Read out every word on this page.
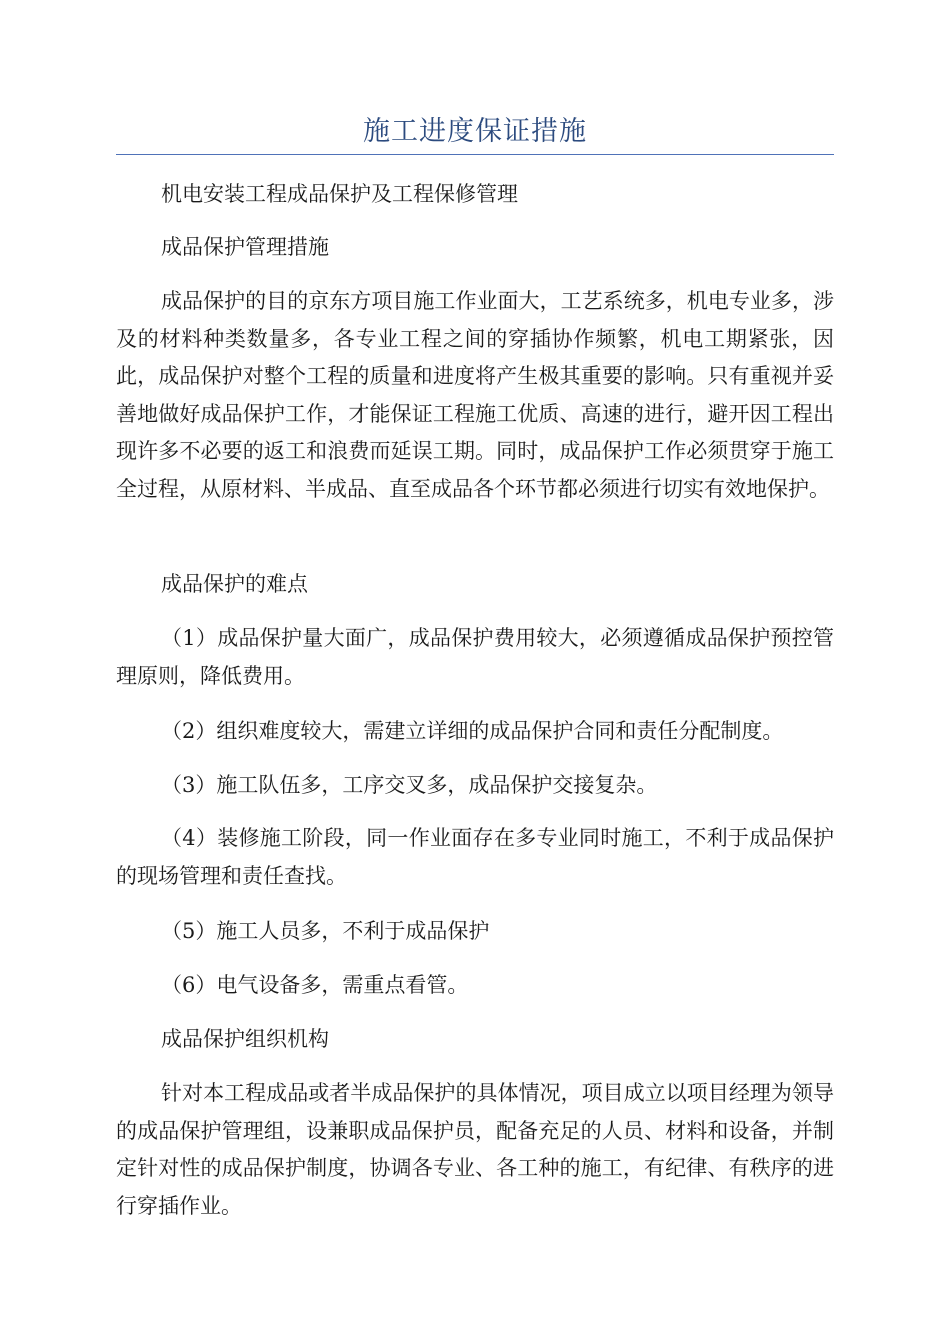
施工进度保证措施

机电安装工程成品保护及工程保修管理

成品保护管理措施

成品保护的目的京东方项目施工作业面大，工艺系统多，机电专业多，涉及的材料种类数量多，各专业工程之间的穿插协作频繁，机电工期紧张，因此，成品保护对整个工程的质量和进度将产生极其重要的影响。只有重视并妥善地做好成品保护工作，才能保证工程施工优质、高速的进行，避开因工程出现许多不必要的返工和浪费而延误工期。同时，成品保护工作必须贯穿于施工全过程，从原材料、半成品、直至成品各个环节都必须进行切实有效地保护。

成品保护的难点

（1）成品保护量大面广，成品保护费用较大，必须遵循成品保护预控管理原则，降低费用。

（2）组织难度较大，需建立详细的成品保护合同和责任分配制度。

（3）施工队伍多，工序交叉多，成品保护交接复杂。

（4）装修施工阶段，同一作业面存在多专业同时施工，不利于成品保护的现场管理和责任查找。

（5）施工人员多，不利于成品保护

（6）电气设备多，需重点看管。

成品保护组织机构

针对本工程成品或者半成品保护的具体情况，项目成立以项目经理为领导的成品保护管理组，设兼职成品保护员，配备充足的人员、材料和设备，并制定针对性的成品保护制度，协调各专业、各工种的施工，有纪律、有秩序的进行穿插作业。
